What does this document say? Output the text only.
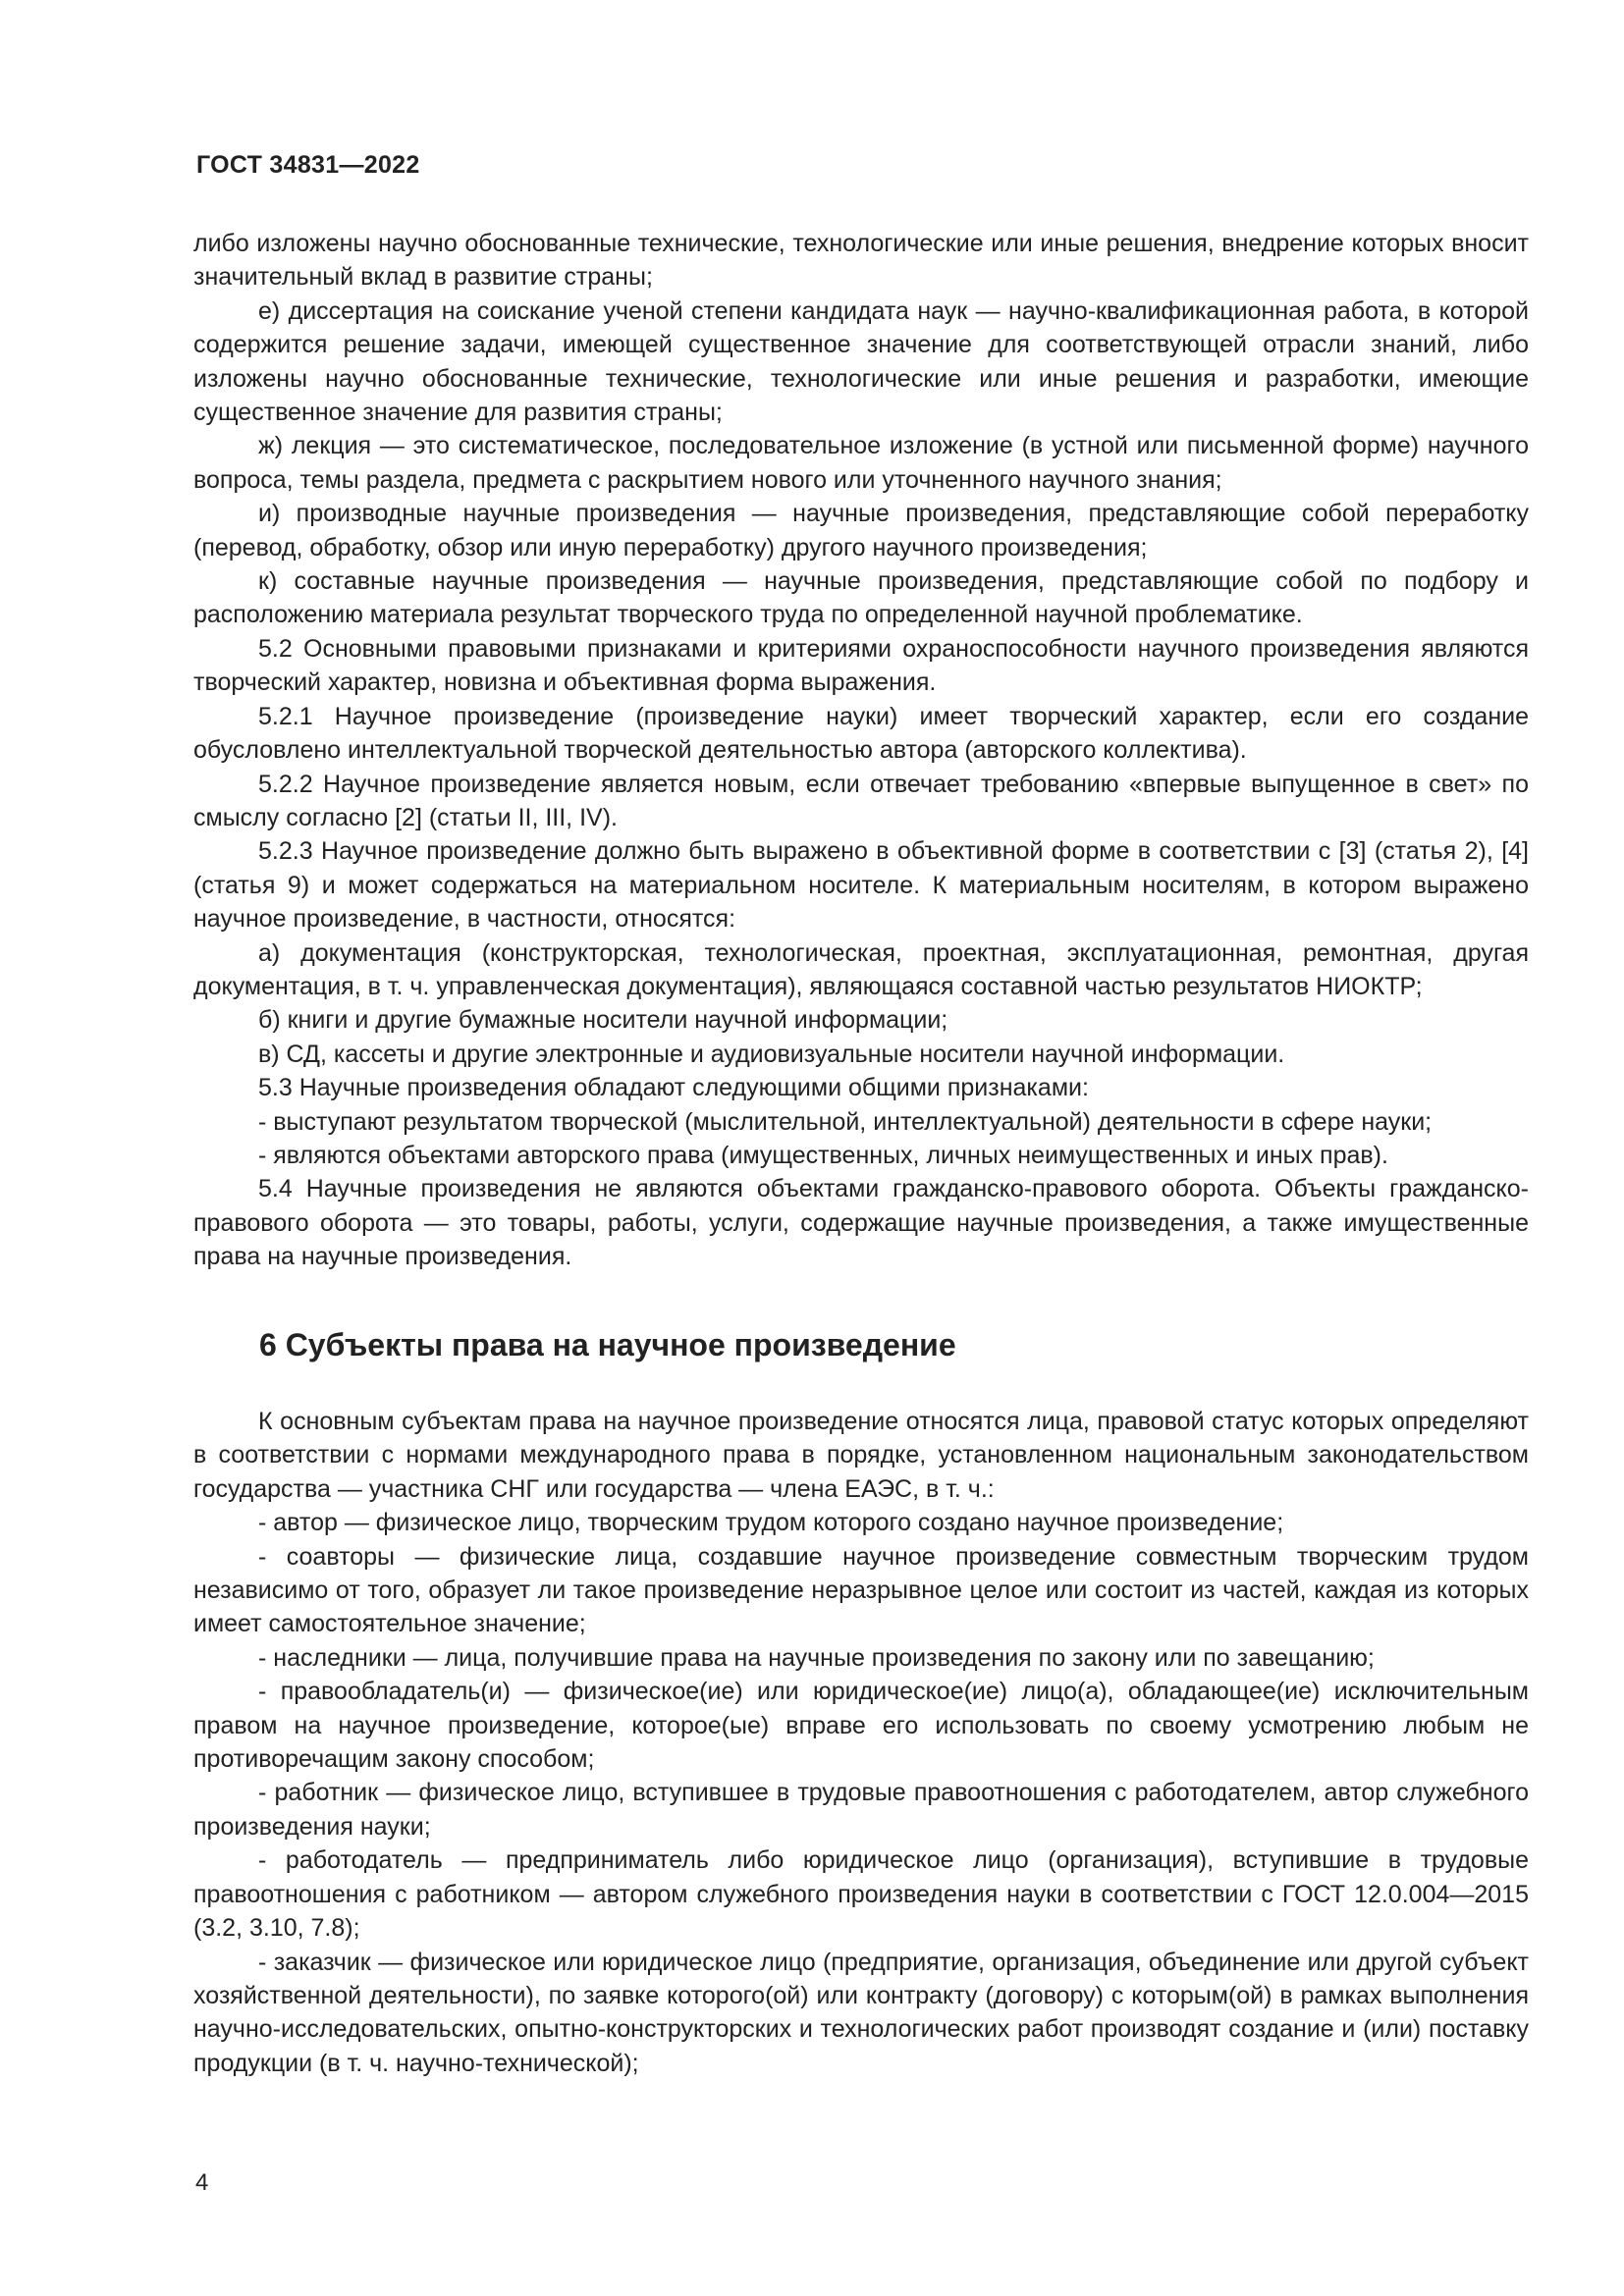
ГОСТ 34831—2022

либо изложены научно обоснованные технические, технологические или иные решения, внедрение которых вносит значительный вклад в развитие страны;

е) диссертация на соискание ученой степени кандидата наук — научно-квалификационная работа, в которой содержится решение задачи, имеющей существенное значение для соответствующей отрасли знаний, либо изложены научно обоснованные технические, технологические или иные решения и разработки, имеющие существенное значение для развития страны;

ж) лекция — это систематическое, последовательное изложение (в устной или письменной форме) научного вопроса, темы раздела, предмета с раскрытием нового или уточненного научного знания;

и) производные научные произведения — научные произведения, представляющие собой переработку (перевод, обработку, обзор или иную переработку) другого научного произведения;

к) составные научные произведения — научные произведения, представляющие собой по подбору и расположению материала результат творческого труда по определенной научной проблематике.

5.2 Основными правовыми признаками и критериями охраноспособности научного произведения являются творческий характер, новизна и объективная форма выражения.

5.2.1 Научное произведение (произведение науки) имеет творческий характер, если его создание обусловлено интеллектуальной творческой деятельностью автора (авторского коллектива).

5.2.2 Научное произведение является новым, если отвечает требованию «впервые выпущенное в свет» по смыслу согласно [2] (статьи II, III, IV).

5.2.3 Научное произведение должно быть выражено в объективной форме в соответствии с [3] (статья 2), [4] (статья 9) и может содержаться на материальном носителе. К материальным носителям, в котором выражено научное произведение, в частности, относятся:

а) документация (конструкторская, технологическая, проектная, эксплуатационная, ремонтная, другая документация, в т. ч. управленческая документация), являющаяся составной частью результатов НИОКТР;

б) книги и другие бумажные носители научной информации;

в) СД, кассеты и другие электронные и аудиовизуальные носители научной информации.

5.3 Научные произведения обладают следующими общими признаками:

- выступают результатом творческой (мыслительной, интеллектуальной) деятельности в сфере науки;

- являются объектами авторского права (имущественных, личных неимущественных и иных прав).

5.4 Научные произведения не являются объектами гражданско-правового оборота. Объекты гражданско-правового оборота — это товары, работы, услуги, содержащие научные произведения, а также имущественные права на научные произведения.

6 Субъекты права на научное произведение

К основным субъектам права на научное произведение относятся лица, правовой статус которых определяют в соответствии с нормами международного права в порядке, установленном национальным законодательством государства — участника СНГ или государства — члена ЕАЭС, в т. ч.:

- автор — физическое лицо, творческим трудом которого создано научное произведение;

- соавторы — физические лица, создавшие научное произведение совместным творческим трудом независимо от того, образует ли такое произведение неразрывное целое или состоит из частей, каждая из которых имеет самостоятельное значение;

- наследники — лица, получившие права на научные произведения по закону или по завещанию;

- правообладатель(и) — физическое(ие) или юридическое(ие) лицо(а), обладающее(ие) исключительным правом на научное произведение, которое(ые) вправе его использовать по своему усмотрению любым не противоречащим закону способом;

- работник — физическое лицо, вступившее в трудовые правоотношения с работодателем, автор служебного произведения науки;

- работодатель — предприниматель либо юридическое лицо (организация), вступившие в трудовые правоотношения с работником — автором служебного произведения науки в соответствии с ГОСТ 12.0.004—2015 (3.2, 3.10, 7.8);

- заказчик — физическое или юридическое лицо (предприятие, организация, объединение или другой субъект хозяйственной деятельности), по заявке которого(ой) или контракту (договору) с которым(ой) в рамках выполнения научно-исследовательских, опытно-конструкторских и технологических работ производят создание и (или) поставку продукции (в т. ч. научно-технической);

4
